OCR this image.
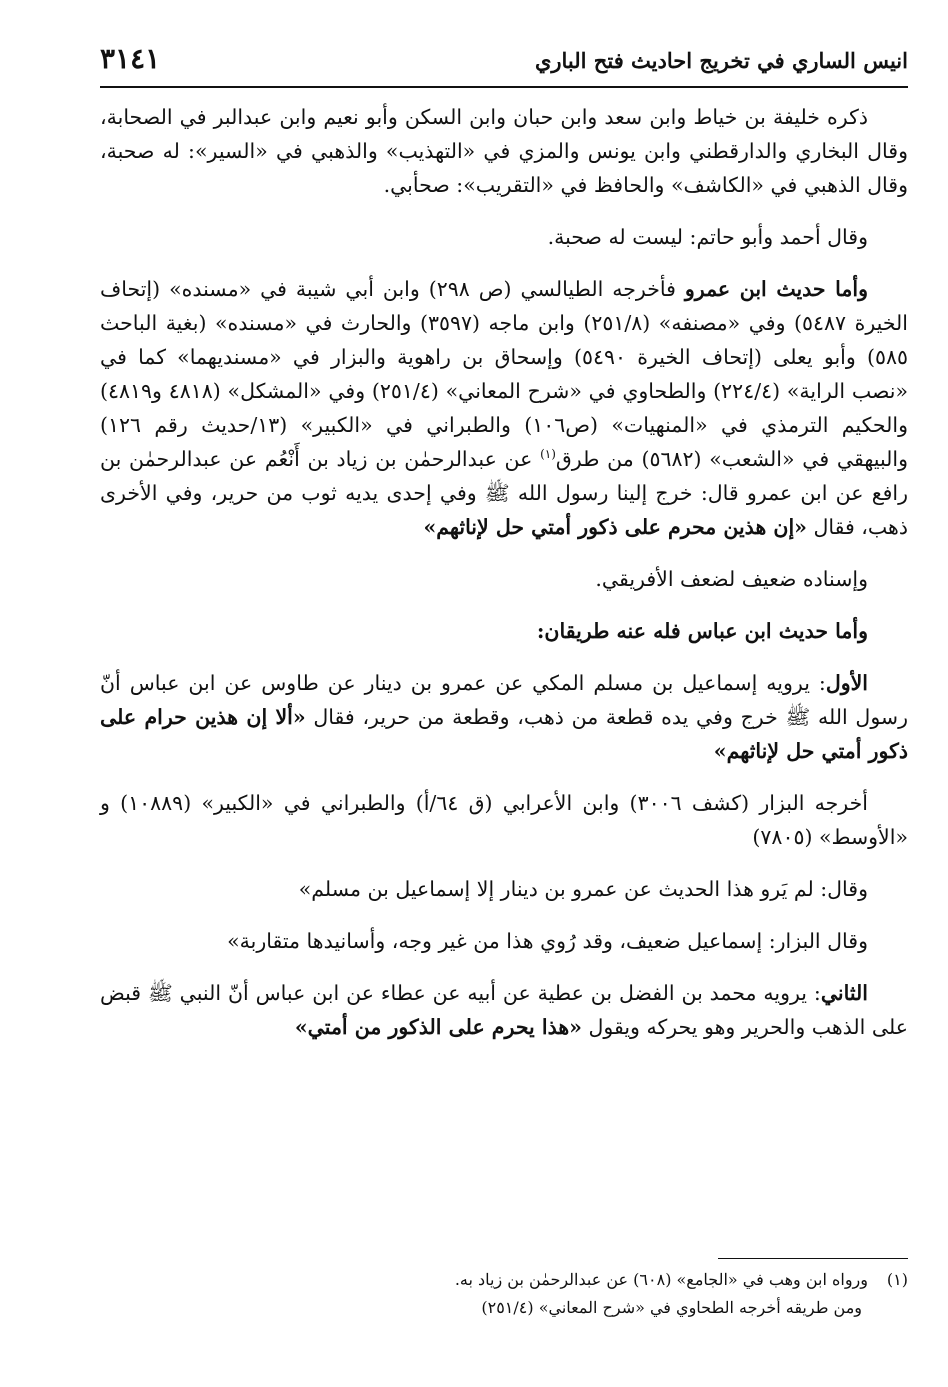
انيس الساري في تخريج احاديث فتح الباري
٣١٤١

ذكره خليفة بن خياط وابن سعد وابن حبان وابن السكن وأبو نعيم وابن عبدالبر في الصحابة، وقال البخاري والدارقطني وابن يونس والمزي في «التهذيب» والذهبي في «السير»: له صحبة، وقال الذهبي في «الكاشف» والحافظ في «التقريب»: صحأبي.

وقال أحمد وأبو حاتم: ليست له صحبة.

وأما حديث ابن عمرو فأخرجه الطيالسي (ص ٢٩٨) وابن أبي شيبة في «مسنده» (إتحاف الخيرة ٥٤٨٧) وفي «مصنفه» (٢٥١/٨) وابن ماجه (٣٥٩٧) والحارث في «مسنده» (بغية الباحث ٥٨٥) وأبو يعلى (إتحاف الخيرة ٥٤٩٠) وإسحاق بن راهوية والبزار في «مسنديهما» كما في «نصب الراية» (٢٢٤/٤) والطحاوي في «شرح المعاني» (٢٥١/٤) وفي «المشكل» (٤٨١٨ و٤٨١٩) والحكيم الترمذي في «المنهيات» (ص١٠٦) والطبراني في «الكبير» (١٣/حديث رقم ١٢٦) والبيهقي في «الشعب» (٥٦٨٢) من طرق$^{(١)}$ عن عبدالرحمٰن بن زياد بن أَنْعُم عن عبدالرحمٰن بن رافع عن ابن عمرو قال: خرج إلينا رسول الله ﷺ وفي إحدى يديه ثوب من حرير، وفي الأخرى ذهب، فقال «إن هذين محرم على ذكور أمتي حل لإناثهم»

وإسناده ضعيف لضعف الأفريقي.

وأما حديث ابن عباس فله عنه طريقان:

الأول: يرويه إسماعيل بن مسلم المكي عن عمرو بن دينار عن طاوس عن ابن عباس أنّ رسول الله ﷺ خرج وفي يده قطعة من ذهب، وقطعة من حرير، فقال «ألا إن هذين حرام على ذكور أمتي حل لإناثهم»

أخرجه البزار (كشف ٣٠٠٦) وابن الأعرابي (ق ٦٤/أ) والطبراني في «الكبير» (١٠٨٨٩) و «الأوسط» (٧٨٠٥)

وقال: لم يَرو هذا الحديث عن عمرو بن دينار إلا إسماعيل بن مسلم»

وقال البزار: إسماعيل ضعيف، وقد رُوي هذا من غير وجه، وأسانيدها متقاربة»

الثاني: يرويه محمد بن الفضل بن عطية عن أبيه عن عطاء عن ابن عباس أنّ النبي ﷺ قبض على الذهب والحرير وهو يحركه ويقول «هذا يحرم على الذكور من أمتي»

(١)ورواه ابن وهب في «الجامع» (٦٠٨) عن عبدالرحمٰن بن زياد به.

ومن طريقه أخرجه الطحاوي في «شرح المعاني» (٢٥١/٤)
